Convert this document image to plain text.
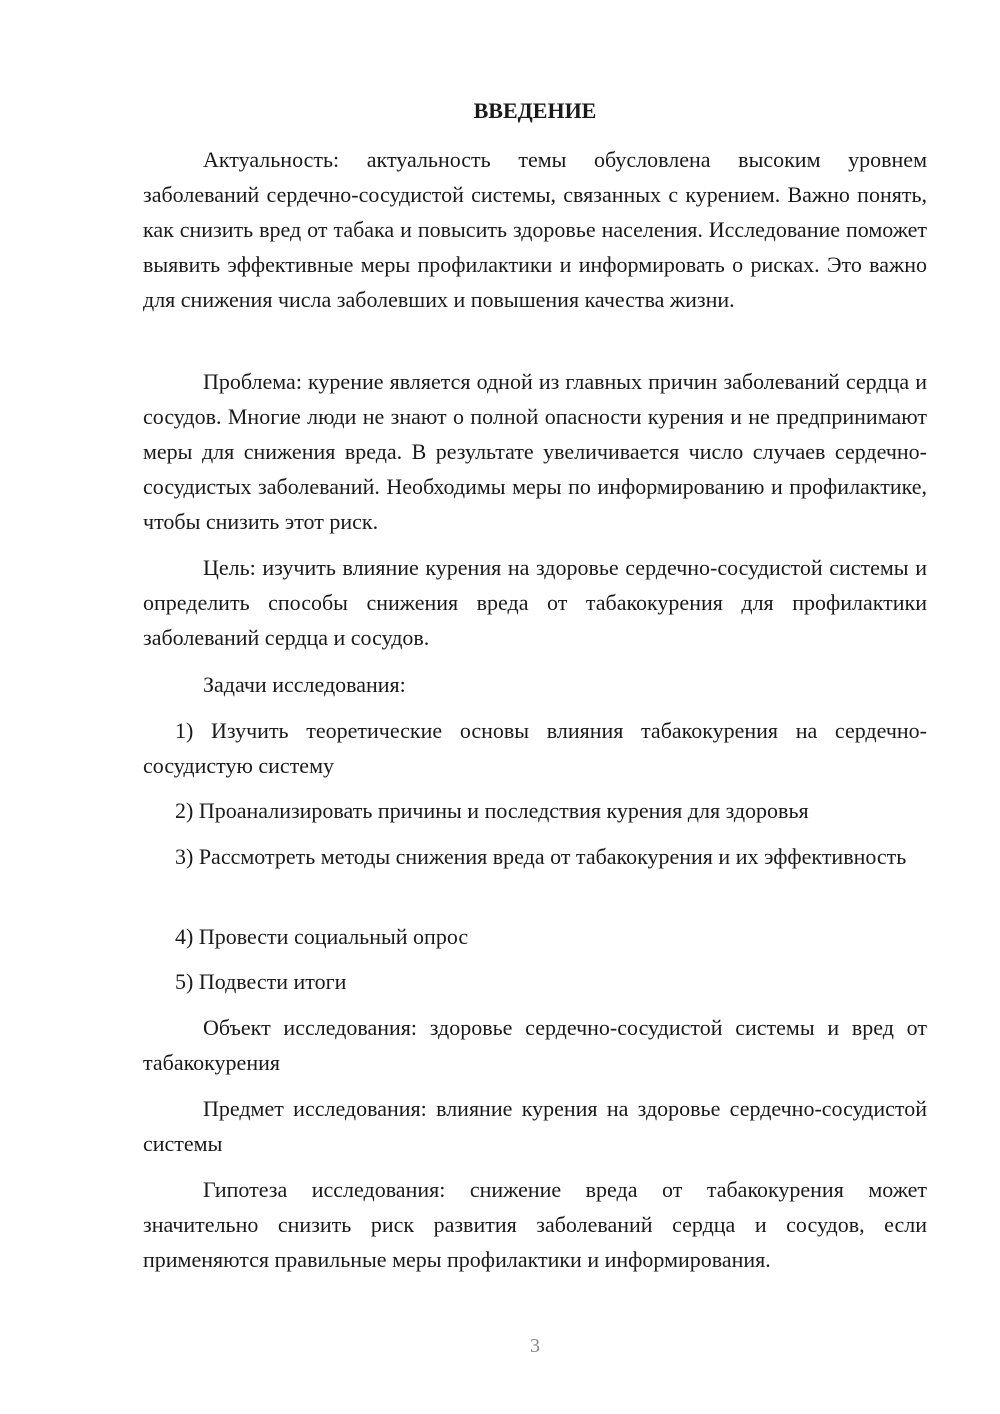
ВВЕДЕНИЕ

Актуальность: актуальность темы обусловлена высоким уровнем заболеваний сердечно-сосудистой системы, связанных с курением. Важно понять, как снизить вред от табака и повысить здоровье населения. Исследование поможет выявить эффективные меры профилактики и информировать о рисках. Это важно для снижения числа заболевших и повышения качества жизни.

Проблема: курение является одной из главных причин заболеваний сердца и сосудов. Многие люди не знают о полной опасности курения и не предпринимают меры для снижения вреда. В результате увеличивается число случаев сердечно-сосудистых заболеваний. Необходимы меры по информированию и профилактике, чтобы снизить этот риск.

Цель: изучить влияние курения на здоровье сердечно-сосудистой системы и определить способы снижения вреда от табакокурения для профилактики заболеваний сердца и сосудов.

Задачи исследования:

1) Изучить теоретические основы влияния табакокурения на сердечно-сосудистую систему

2) Проанализировать причины и последствия курения для здоровья

3) Рассмотреть методы снижения вреда от табакокурения и их эффективность

4) Провести социальный опрос

5) Подвести итоги

Объект исследования: здоровье сердечно-сосудистой системы и вред от табакокурения

Предмет исследования: влияние курения на здоровье сердечно-сосудистой системы

Гипотеза исследования: снижение вреда от табакокурения может значительно снизить риск развития заболеваний сердца и сосудов, если применяются правильные меры профилактики и информирования.

3
